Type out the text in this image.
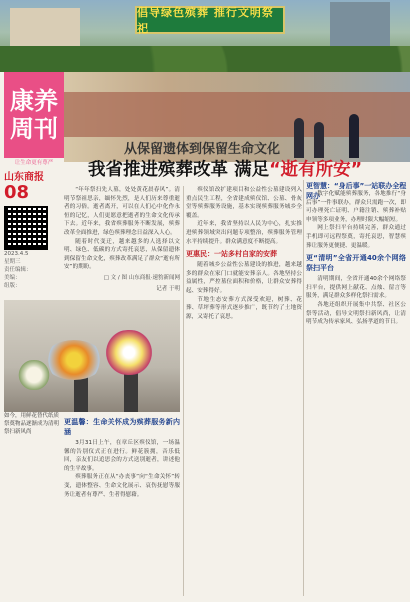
倡导绿色殡葬 推行文明祭祀
康养
周刊
让生命更有尊严
从保留遗体到保留生命文化
我省推进殡葬改革 满足“逝有所安”
山东商报
08
2023.4.5
星期三
责任编辑：
美编：
组版：

“年年祭扫先人墓，处处黄花晨春风”。清明节祭祖思亲，缅怀先烈，是人们历来尊重逝者的习俗。逝者离开，可以在人们心中化作永恒的记忆，人们更愿意把逝者的生命文化传承下去。近年来，我省殡葬服务不断发展，殡葬改革全面推进，绿色殡葬理念日益深入人心。

随着时代变迁，越来越多的人选择以文明、绿色、低碳的方式寄托哀思，从保留遗体到保留生命文化，殡葬改革满足了群众“逝有所安”的期盼。

□ 文 / 图 山东商报·速豹新闻网
记者 于明
如今，用鲜花替代纸质祭奠物品逐渐成为清明祭扫新风尚
更温馨：生命关怀成为殡葬服务新内涵

3月31日上午，在章丘区殡仪馆，一场温馨的告别仪式正在进行。鲜花簇拥，音乐低回，亲友们以追思会的方式送别逝者，讲述他的生平故事。

殡葬服务正在从“办丧事”向“生命关怀”转变，遗体整容、生命文化展示、哀伤抚慰等服务让逝者有尊严、生者得慰藉。

殡仪馆改扩建项目和公益性公墓建设列入重点民生工程，全省建成殡仪馆、公墓、骨灰堂等殡葬服务设施，基本实现殡葬服务城乡全覆盖。

近年来，我省坚持以人民为中心，扎实推进殡葬领域突出问题专项整治，殡葬服务管理水平持续提升。群众满意度不断提高。

更惠民：一站多村自家的安葬

随着城乡公益性公墓建设的推进，越来越多的群众在家门口就能安葬亲人。各地坚持公益属性，严控墓位面积和价格，让群众安葬得起、安葬得好。

节地生态安葬方式深受欢迎，树葬、花葬、草坪葬等形式逐步推广，既节约了土地资源，又寄托了哀思。

更智慧：“身后事”一站联办全程网办

数字化赋能殡葬服务，各地推行“身后事”一件事联办，群众只需跑一次，即可办理死亡证明、户籍注销、殡葬补贴申领等多项业务，办理时限大幅缩短。

网上祭扫平台持续完善，群众通过手机即可远程祭奠，寄托哀思，智慧殡葬让服务更便捷、更温暖。

更“清明”全省开通40余个网络祭扫平台

清明期间，全省开通40余个网络祭扫平台，提供网上献花、点烛、留言等服务，满足群众多样化祭扫需求。

各地还组织开展集中共祭、社区公祭等活动，倡导文明祭扫新风尚，让清明节成为传承家风、弘扬孝道的节日。
